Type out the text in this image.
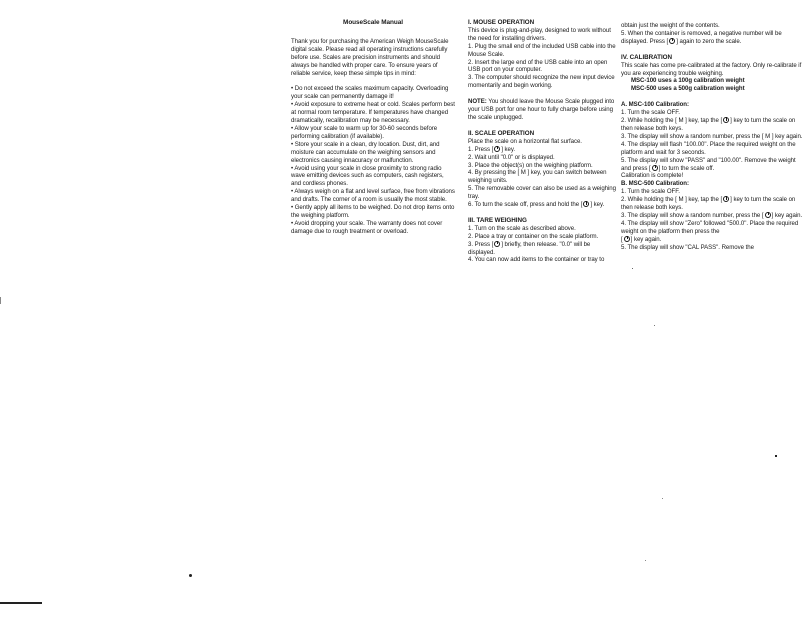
MouseScale Manual

Thank you for purchasing the American Weigh MouseScale digital scale. Please read all operating instructions carefully before use. Scales are precision instruments and should always be handled with proper care. To ensure years of reliable service, keep these simple tips in mind:

• Do not exceed the scales maximum capacity. Overloading your scale can permanently damage it!

• Avoid exposure to extreme heat or cold. Scales perform best at normal room temperature. If temperatures have changed dramatically, recalibration may be necessary.

• Allow your scale to warm up for 30-60 seconds before performing calibration (if available).

• Store your scale in a clean, dry location. Dust, dirt, and moisture can accumulate on the weighing sensors and electronics causing innacuracy or malfunction.

• Avoid using your scale in close proximity to strong radio wave emitting devices such as computers, cash registers, and cordless phones.

• Always weigh on a flat and level surface, free from vibrations and drafts. The corner of a room is usually the most stable.

• Gently apply all items to be weighed. Do not drop items onto the weighing platform.

• Avoid dropping your scale. The warranty does not cover damage due to rough treatment or overload.

I. MOUSE OPERATION

This device is plug-and-play, designed to work without the need for installing drivers.

1. Plug the small end of the included USB cable into the Mouse Scale.

2. Insert the large end of the USB cable into an open USB port on your computer.

3. The computer should recognize the new input device momentarily and begin working.

NOTE: You should leave the Mouse Scale plugged into your USB port for one hour to fully charge before using the scale unplugged.

II. SCALE OPERATION

Place the scale on a horizontal flat surface.

1. Press [ ] key.

2. Wait until "0.0" or is displayed.

3. Place the object(s) on the weighing platform.

4. By pressing the [ M ] key, you can switch between weighing units.

5. The removable cover can also be used as a weighing tray.

6. To turn the scale off, press and hold the [ ] key.

III. TARE WEIGHING

1. Turn on the scale as described above.

2. Place a tray or container on the scale platform.

3. Press [ ] briefly, then release. "0.0" will be displayed.

4. You can now add items to the container or tray to

obtain just the weight of the contents.

5. When the container is removed, a negative number will be displayed. Press [ ] again to zero the scale.

IV. CALIBRATION

This scale has come pre-calibrated at the factory. Only re-calibrate if you are experiencing trouble weighing.

MSC-100 uses a 100g calibration weight

MSC-500 uses a 500g calibration weight

A. MSC-100 Calibration:

1. Turn the scale OFF.

2. While holding the [ M ] key, tap the [ ] key to turn the scale on then release both keys.

3. The display will show a random number, press the [ M ] key again.

4. The display will flash "100.00". Place the required weight on the platform and wait for 3 seconds.

5. The display will show "PASS" and "100.00". Remove the weight and press [ ] to turn the scale off.

Calibration is complete!

B. MSC-500 Calibration:

1. Turn the scale OFF.

2. While holding the [ M ] key, tap the [ ] key to turn the scale on then release both keys.

3. The display will show a random number, press the [ ] key again.

4. The display will show "Zero" followed "500.0". Place the required weight on the platform then press the

[ ] key again.

5. The display will show "CAL PASS". Remove the
